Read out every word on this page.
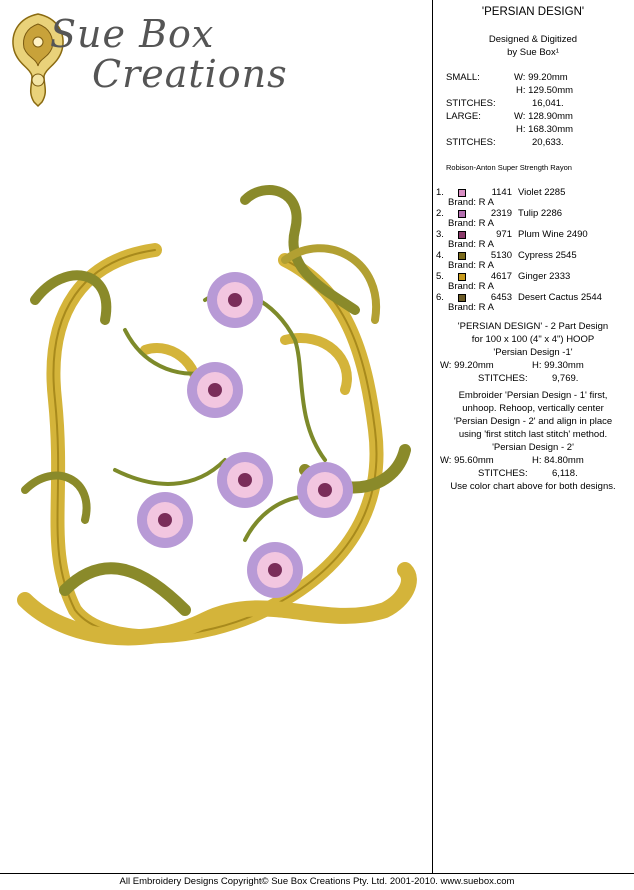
Sue Box
Creations
'PERSIAN DESIGN'
Designed & Digitized
by Sue Box¹
SMALL:	W: 99.20mm
H: 129.50mm
STITCHES:	16,041.
LARGE:	W: 128.90mm
H: 168.30mm
STITCHES:	20,633.
Robison-Anton Super Strength Rayon
1.	1141 Violet 2285
Brand: R A
2.	2319 Tulip 2286
Brand: R A
3.	971 Plum Wine 2490
Brand: R A
4.	5130 Cypress 2545
Brand: R A
5.	4617 Ginger 2333
Brand: R A
6.	6453 Desert Cactus 2544
Brand: R A
'PERSIAN DESIGN' - 2 Part Design
for 100 x 100 (4" x 4") HOOP
'Persian Design -1'
W: 99.20mm	H: 99.30mm
STITCHES:	9,769.
Embroider 'Persian Design - 1' first,
unhoop. Rehoop, vertically center
'Persian Design - 2' and align in place
using 'first stitch last stitch' method.
'Persian Design - 2'
W: 95.60mm	H: 84.80mm
STITCHES:	6,118.
Use color chart above for both designs.
All Embroidery Designs Copyright© Sue Box Creations Pty. Ltd. 2001-2010. www.suebox.com
